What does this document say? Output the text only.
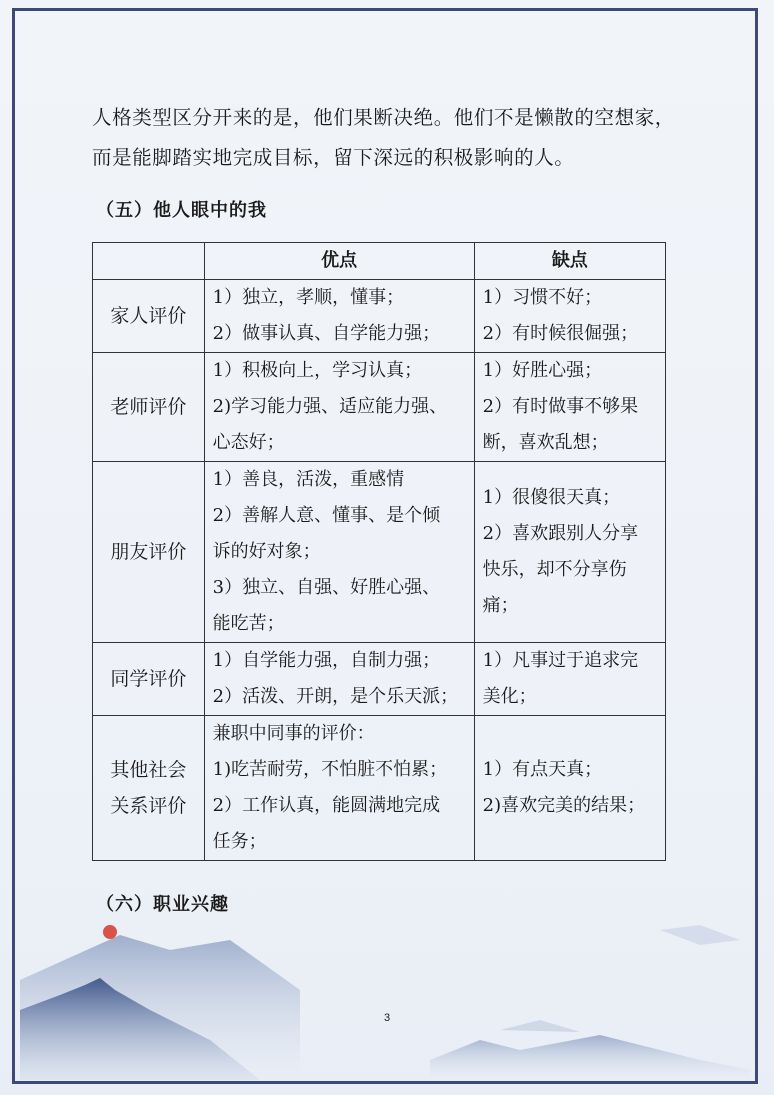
人格类型区分开来的是，他们果断决绝。他们不是懒散的空想家，
而是能脚踏实地完成目标，留下深远的积极影响的人。
（五）他人眼中的我
	优点	缺点

家人评价	1）独立，孝顺，懂事；
2）做事认真、自学能力强；	1）习惯不好；
2）有时候很倔强；

老师评价	1）积极向上，学习认真；
2)学习能力强、适应能力强、
心态好；	1）好胜心强；
2）有时做事不够果
断，喜欢乱想；

朋友评价	1）善良，活泼，重感情
2）善解人意、懂事、是个倾
诉的好对象；
3）独立、自强、好胜心强、
能吃苦；	1）很傻很天真；
2）喜欢跟别人分享
快乐，却不分享伤
痛；

同学评价	1）自学能力强，自制力强；
2）活泼、开朗，是个乐天派；	1）凡事过于追求完
美化；

其他社会
关系评价	兼职中同事的评价：
1)吃苦耐劳，不怕脏不怕累；
2）工作认真，能圆满地完成
任务；	1）有点天真；
2)喜欢完美的结果；
（六）职业兴趣
3
